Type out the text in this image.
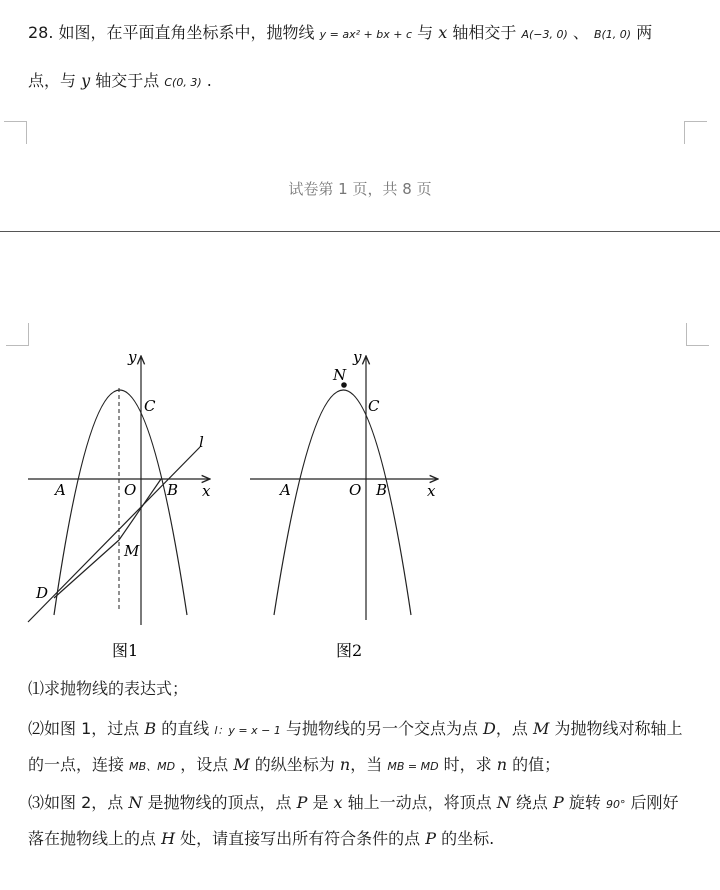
28. 如图，在平面直角坐标系中，抛物线 y = ax² + bx + c 与 x 轴相交于 A(−3, 0) 、 B(1, 0) 两
点，与 y 轴交于点 C(0, 3) .
试卷第 1 页，共 8 页
y
x
O
A	B
C
D
M
l
图1
y
x
O
A	B
C
N
图2
⑴求抛物线的表达式；
⑵如图 1，过点 B 的直线 l：y = x − 1 与抛物线的另一个交点为点 D，点 M 为抛物线对称轴上
的一点，连接 MB、MD ，设点 M 的纵坐标为 n，当 MB = MD 时，求 n 的值；
⑶如图 2，点 N 是抛物线的顶点，点 P 是 x 轴上一动点，将顶点 N 绕点 P 旋转 90° 后刚好
落在抛物线上的点 H 处，请直接写出所有符合条件的点 P 的坐标.
